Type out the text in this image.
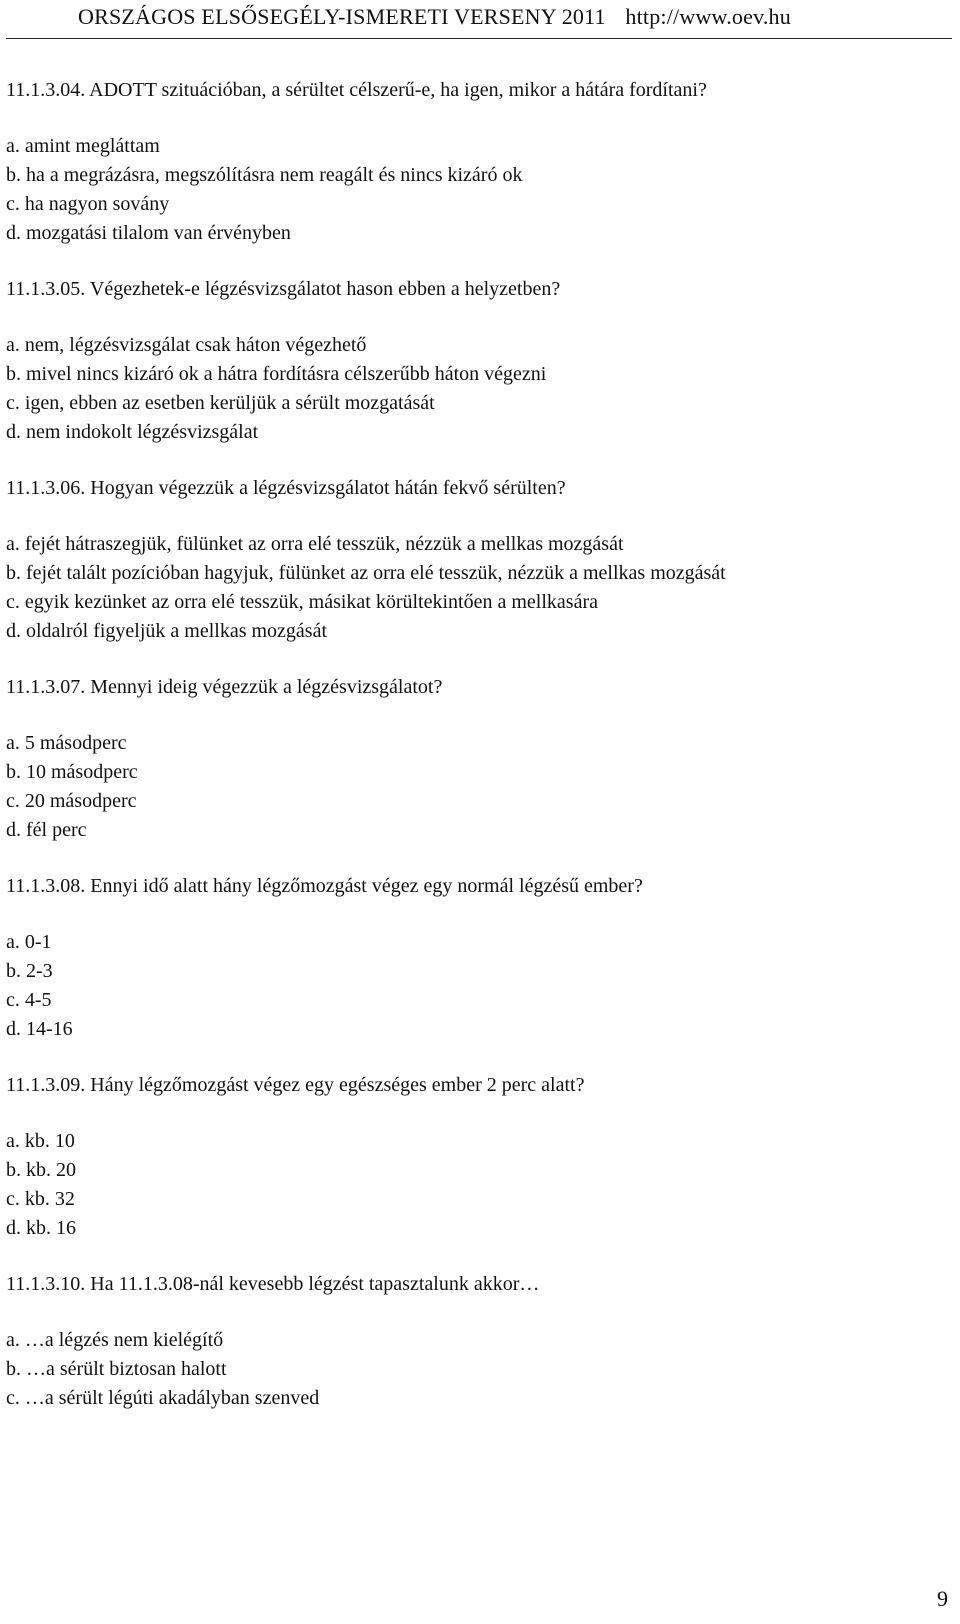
ORSZÁGOS ELSŐSEGÉLY-ISMERETI VERSENY 2011 http://www.oev.hu

11.1.3.04. ADOTT szituációban, a sérültet célszerű-e, ha igen, mikor a hátára fordítani?

a. amint megláttam
b. ha a megrázásra, megszólításra nem reagált és nincs kizáró ok
c. ha nagyon sovány
d. mozgatási tilalom van érvényben

11.1.3.05. Végezhetek-e légzésvizsgálatot hason ebben a helyzetben?

a. nem, légzésvizsgálat csak háton végezhető
b. mivel nincs kizáró ok a hátra fordításra célszerűbb háton végezni
c. igen, ebben az esetben kerüljük a sérült mozgatását
d. nem indokolt légzésvizsgálat

11.1.3.06. Hogyan végezzük a légzésvizsgálatot hátán fekvő sérülten?

a. fejét hátraszegjük, fülünket az orra elé tesszük, nézzük a mellkas mozgását
b. fejét talált pozícióban hagyjuk, fülünket az orra elé tesszük, nézzük a mellkas mozgását
c. egyik kezünket az orra elé tesszük, másikat körültekintően a mellkasára
d. oldalról figyeljük a mellkas mozgását

11.1.3.07. Mennyi ideig végezzük a légzésvizsgálatot?

a. 5 másodperc
b. 10 másodperc
c. 20 másodperc
d. fél perc

11.1.3.08. Ennyi idő alatt hány légzőmozgást végez egy normál légzésű ember?

a. 0-1
b. 2-3
c. 4-5
d. 14-16

11.1.3.09. Hány légzőmozgást végez egy egészséges ember 2 perc alatt?

a. kb. 10
b. kb. 20
c. kb. 32
d. kb. 16

11.1.3.10. Ha 11.1.3.08-nál kevesebb légzést tapasztalunk akkor…

a. …a légzés nem kielégítő
b. …a sérült biztosan halott
c. …a sérült légúti akadályban szenved
9
